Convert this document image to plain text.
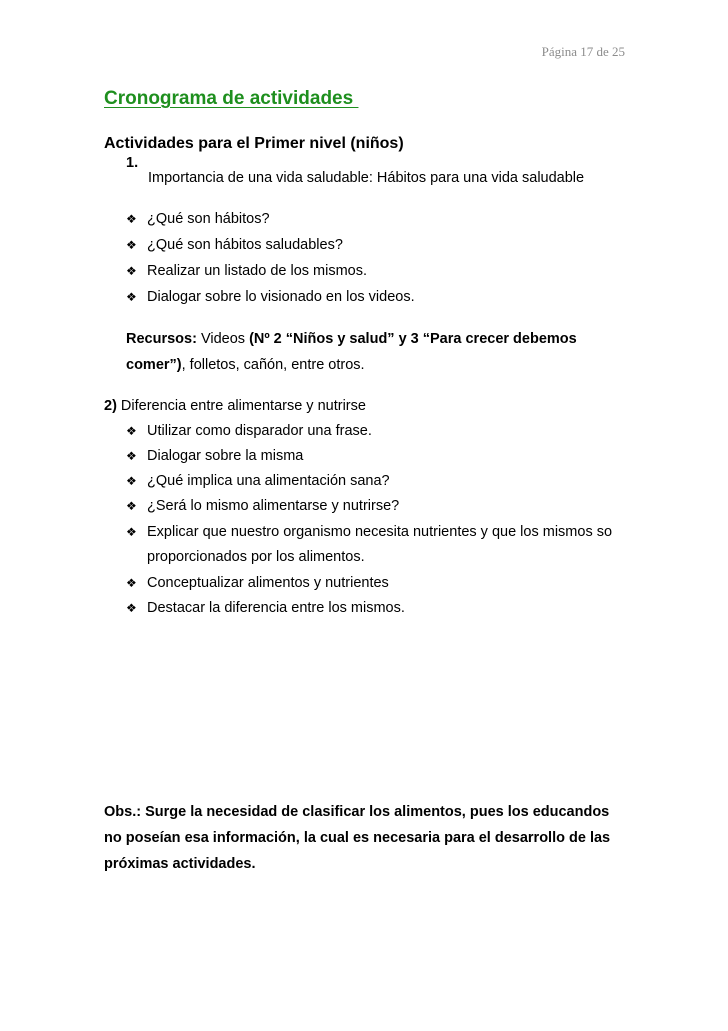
Página 17 de 25
Cronograma de actividades
Actividades para el Primer nivel (niños)
1.
Importancia de una vida saludable: Hábitos para una vida saludable
❖ ¿Qué son hábitos?
❖ ¿Qué son hábitos saludables?
❖ Realizar un listado de los mismos.
❖ Dialogar sobre lo visionado en los videos.
Recursos: Videos (Nº 2 “Niños y salud” y 3 “Para crecer debemos
comer”), folletos, cañón, entre otros.
2) Diferencia entre alimentarse y nutrirse
❖ Utilizar como disparador una frase.
❖ Dialogar sobre la misma
❖ ¿Qué implica una alimentación sana?
❖ ¿Será lo mismo alimentarse y nutrirse?
❖ Explicar que nuestro organismo necesita nutrientes y que los mismos so
proporcionados por los alimentos.
❖ Conceptualizar alimentos y nutrientes
❖ Destacar la diferencia entre los mismos.
Obs.: Surge la necesidad de clasificar los alimentos, pues los educandos
no poseían esa información, la cual es necesaria para el desarrollo de las
próximas actividades.
